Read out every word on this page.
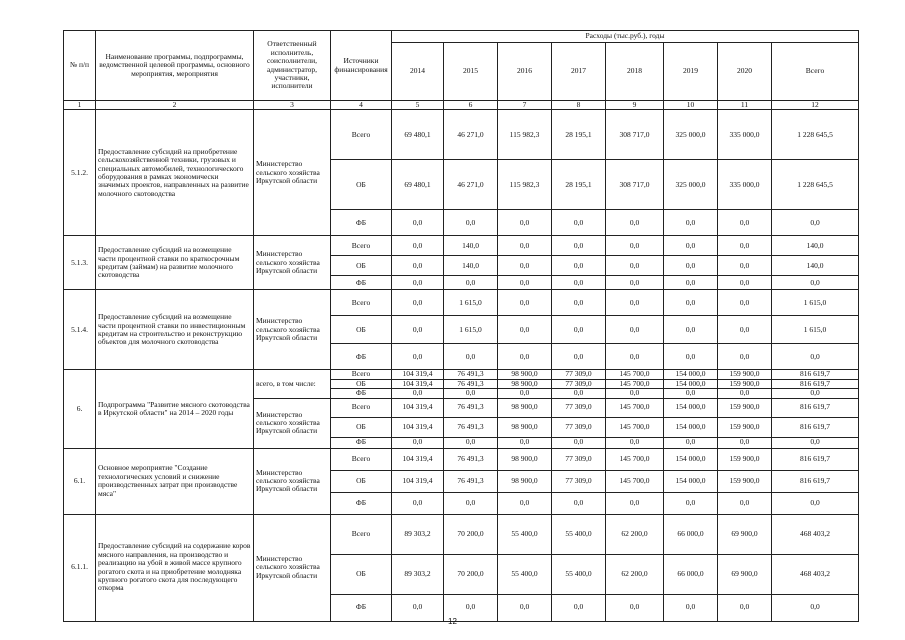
№ п/п	Наименование программы, подпрограммы, ведомственной целевой программы, основного мероприятия, мероприятия	Ответственный исполнитель, соисполнители, администратор, участники, исполнители	Источники финансирования	Расходы (тыс.руб.), годы							
				2014	2015	2016	2017	2018	2019	2020	Всего
1	2	3	4	5	6	7	8	9	10	11	12
5.1.2.	Предоставление субсидий на приобретение сельскохозяйственной техники, грузовых и специальных автомобилей, технологического оборудования в рамках экономически значимых проектов, направленных на развитие молочного скотоводства	Министерство сельского хозяйства Иркутской области	Всего	69 480,1	46 271,0	115 982,3	28 195,1	308 717,0	325 000,0	335 000,0	1 228 645,5
			ОБ	69 480,1	46 271,0	115 982,3	28 195,1	308 717,0	325 000,0	335 000,0	1 228 645,5
			ФБ	0,0	0,0	0,0	0,0	0,0	0,0	0,0	0,0
5.1.3.	Предоставление субсидий на возмещение части процентной ставки по краткосрочным кредитам (займам) на развитие молочного скотоводства	Министерство сельского хозяйства Иркутской области	Всего	0,0	140,0	0,0	0,0	0,0	0,0	0,0	140,0
			ОБ	0,0	140,0	0,0	0,0	0,0	0,0	0,0	140,0
			ФБ	0,0	0,0	0,0	0,0	0,0	0,0	0,0	0,0
5.1.4.	Предоставление субсидий на возмещение части процентной ставки по инвестиционным кредитам на строительство и реконструкцию объектов для молочного скотоводства	Министерство сельского хозяйства Иркутской области	Всего	0,0	1 615,0	0,0	0,0	0,0	0,0	0,0	1 615,0
			ОБ	0,0	1 615,0	0,0	0,0	0,0	0,0	0,0	1 615,0
			ФБ	0,0	0,0	0,0	0,0	0,0	0,0	0,0	0,0
6.	Подпрограмма "Развитие мясного скотоводства в Иркутской области" на 2014 – 2020 годы	всего, в том числе:	Всего	104 319,4	76 491,3	98 900,0	77 309,0	145 700,0	154 000,0	159 900,0	816 619,7
			ОБ	104 319,4	76 491,3	98 900,0	77 309,0	145 700,0	154 000,0	159 900,0	816 619,7
			ФБ	0,0	0,0	0,0	0,0	0,0	0,0	0,0	0,0
		Министерство сельского хозяйства Иркутской области	Всего	104 319,4	76 491,3	98 900,0	77 309,0	145 700,0	154 000,0	159 900,0	816 619,7
			ОБ	104 319,4	76 491,3	98 900,0	77 309,0	145 700,0	154 000,0	159 900,0	816 619,7
			ФБ	0,0	0,0	0,0	0,0	0,0	0,0	0,0	0,0
6.1.	Основное мероприятие "Создание технологических условий и снижение производственных затрат при производстве мяса"	Министерство сельского хозяйства Иркутской области	Всего	104 319,4	76 491,3	98 900,0	77 309,0	145 700,0	154 000,0	159 900,0	816 619,7
			ОБ	104 319,4	76 491,3	98 900,0	77 309,0	145 700,0	154 000,0	159 900,0	816 619,7
			ФБ	0,0	0,0	0,0	0,0	0,0	0,0	0,0	0,0
6.1.1.	Предоставление субсидий на содержание коров мясного направления, на производство и реализацию на убой в живой массе крупного рогатого скота и на приобретение молодняка крупного рогатого скота для последующего откорма	Министерство сельского хозяйства Иркутской области	Всего	89 303,2	70 200,0	55 400,0	55 400,0	62 200,0	66 000,0	69 900,0	468 403,2
			ОБ	89 303,2	70 200,0	55 400,0	55 400,0	62 200,0	66 000,0	69 900,0	468 403,2
			ФБ	0,0	0,0	0,0	0,0	0,0	0,0	0,0	0,0
12
